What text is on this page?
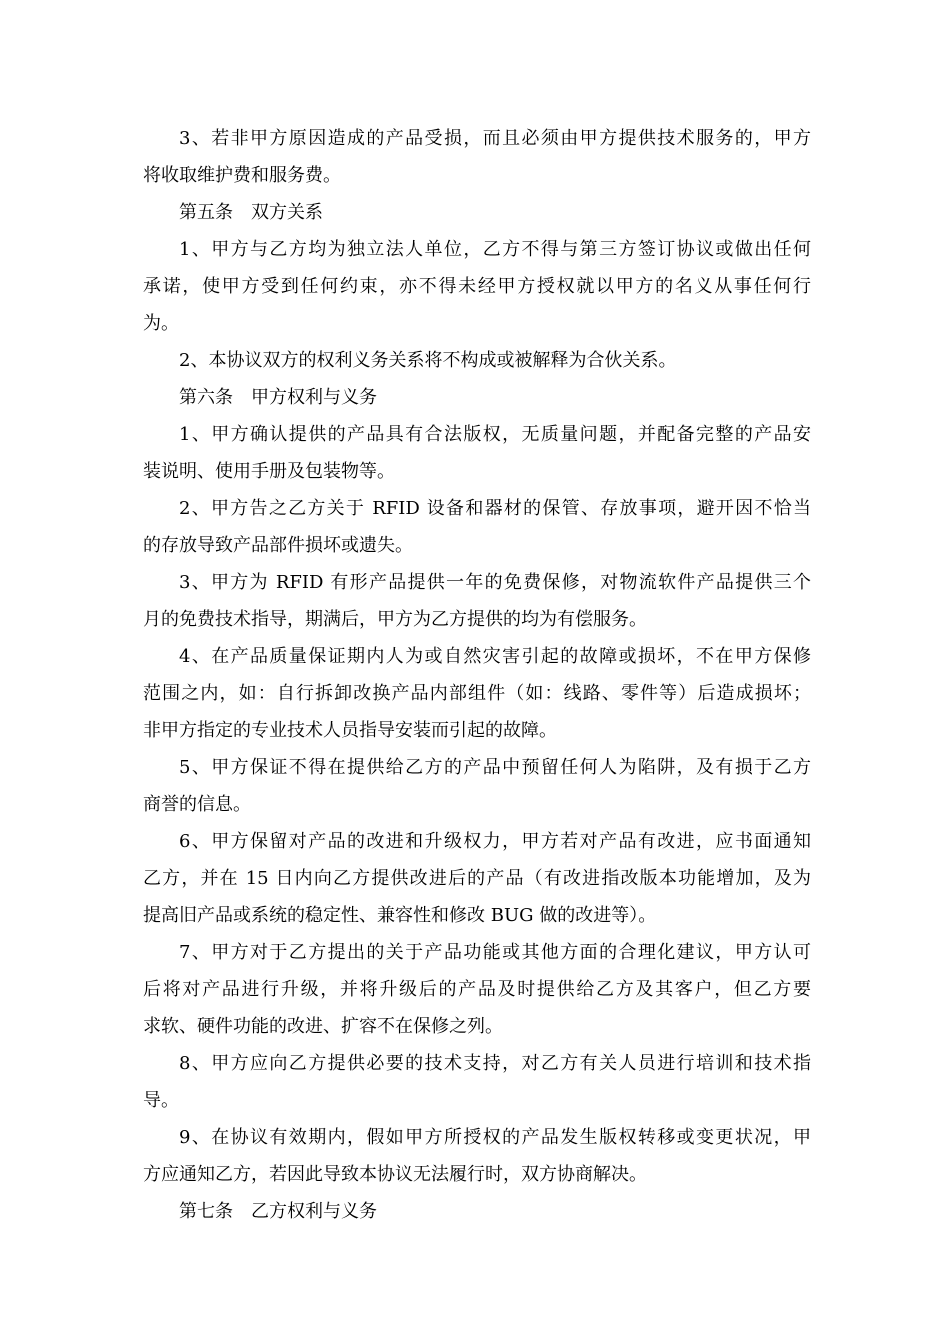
3、若非甲方原因造成的产品受损，而且必须由甲方提供技术服务的，甲方
将收取维护费和服务费。
第五条　双方关系
1、甲方与乙方均为独立法人单位，乙方不得与第三方签订协议或做出任何
承诺，使甲方受到任何约束，亦不得未经甲方授权就以甲方的名义从事任何行
为。
2、本协议双方的权利义务关系将不构成或被解释为合伙关系。
第六条　甲方权利与义务
1、甲方确认提供的产品具有合法版权，无质量问题，并配备完整的产品安
装说明、使用手册及包装物等。
2、甲方告之乙方关于 RFID 设备和器材的保管、存放事项，避开因不恰当
的存放导致产品部件损坏或遗失。
3、甲方为 RFID 有形产品提供一年的免费保修，对物流软件产品提供三个
月的免费技术指导，期满后，甲方为乙方提供的均为有偿服务。
4、在产品质量保证期内人为或自然灾害引起的故障或损坏，不在甲方保修
范围之内，如：自行拆卸改换产品内部组件（如：线路、零件等）后造成损坏；
非甲方指定的专业技术人员指导安装而引起的故障。
5、甲方保证不得在提供给乙方的产品中预留任何人为陷阱，及有损于乙方
商誉的信息。
6、甲方保留对产品的改进和升级权力，甲方若对产品有改进，应书面通知
乙方，并在 15 日内向乙方提供改进后的产品（有改进指改版本功能增加，及为
提高旧产品或系统的稳定性、兼容性和修改 BUG 做的改进等）。
7、甲方对于乙方提出的关于产品功能或其他方面的合理化建议，甲方认可
后将对产品进行升级，并将升级后的产品及时提供给乙方及其客户，但乙方要
求软、硬件功能的改进、扩容不在保修之列。
8、甲方应向乙方提供必要的技术支持，对乙方有关人员进行培训和技术指
导。
9、在协议有效期内，假如甲方所授权的产品发生版权转移或变更状况，甲
方应通知乙方，若因此导致本协议无法履行时，双方协商解决。
第七条　乙方权利与义务
